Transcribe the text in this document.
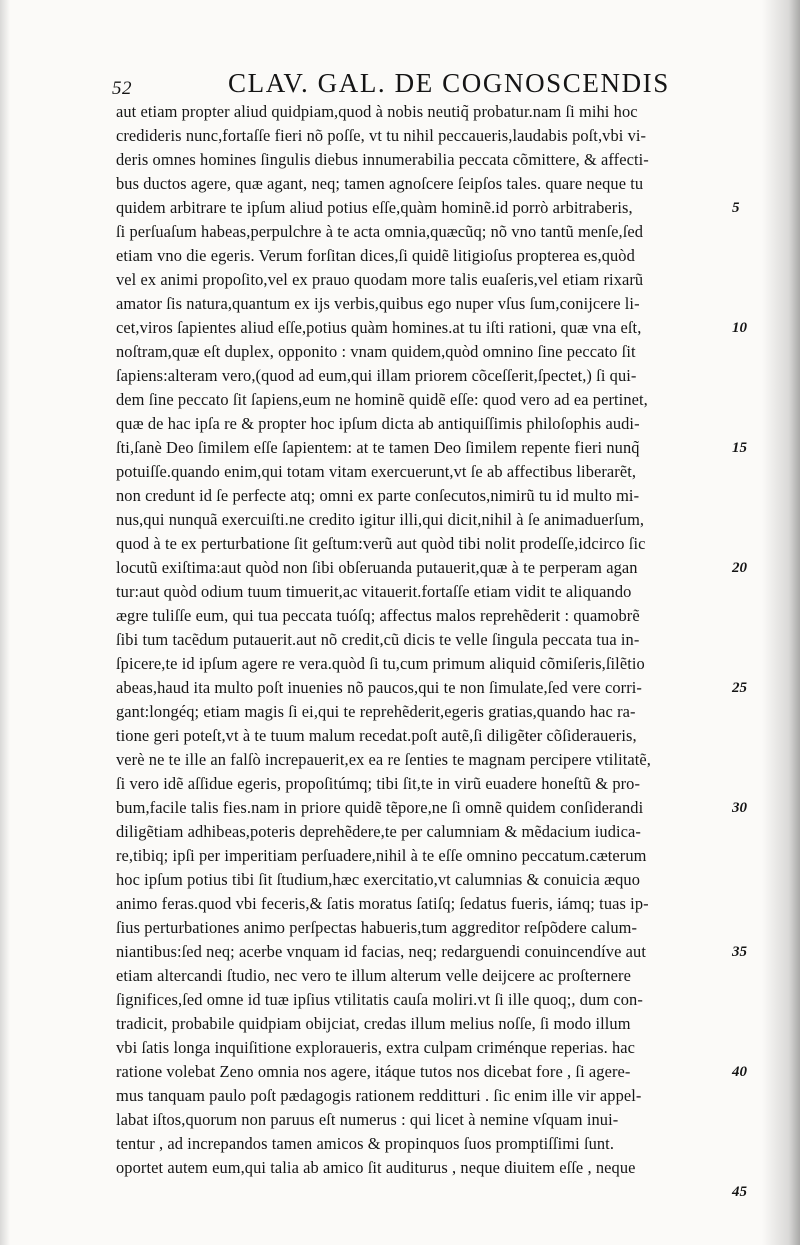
52	CLAV. GAL. DE COGNOSCENDIS
aut etiam propter aliud quidpiam,quod à nobis neutiq̃ probatur.nam ſi mihi hoc
credideris nunc,fortaſſe fieri nõ poſſe, vt tu nihil peccaueris,laudabis poſt,vbi vi-
deris omnes homines ſingulis diebus innumerabilia peccata cõmittere, & affecti-
bus ductos agere, quæ agant, neq; tamen agnoſcere ſeipſos tales. quare neque tu
quidem arbitrare te ipſum aliud potius eſſe,quàm hominẽ.id porrò arbitraberis,
ſi perſuaſum habeas,perpulchre à te acta omnia,quæcũq; nõ vno tantũ menſe,ſed
etiam vno die egeris. Verum forſitan dices,ſi quidẽ litigioſus propterea es,quòd
vel ex animi propoſito,vel ex prauo quodam more talis euaſeris,vel etiam rixarũ
amator ſis natura,quantum ex ijs verbis,quibus ego nuper vſus ſum,conijcere li-
cet,viros ſapientes aliud eſſe,potius quàm homines.at tu iſti rationi, quæ vna eſt,
noſtram,quæ eſt duplex, opponito : vnam quidem,quòd omnino ſine peccato ſit
ſapiens:alteram vero,(quod ad eum,qui illam priorem cõceſſerit,ſpectet,) ſi qui-
dem ſine peccato ſit ſapiens,eum ne hominẽ quidẽ eſſe: quod vero ad ea pertinet,
quæ de hac ipſa re & propter hoc ipſum dicta ab antiquiſſimis philoſophis audi-
ſti,ſanè Deo ſimilem eſſe ſapientem: at te tamen Deo ſimilem repente fieri nunq̃
potuiſſe.quando enim,qui totam vitam exercuerunt,vt ſe ab affectibus liberarẽt,
non credunt id ſe perfecte atq; omni ex parte conſecutos,nimirũ tu id multo mi-
nus,qui nunquã exercuiſti.ne credito igitur illi,qui dicit,nihil à ſe animaduerſum,
quod à te ex perturbatione ſit geſtum:verũ aut quòd tibi nolit prodeſſe,idcirco ſic
locutũ exiſtima:aut quòd non ſibi obſeruanda putauerit,quæ à te perperam agan
tur:aut quòd odium tuum timuerit,ac vitauerit.fortaſſe etiam vidit te aliquando
ægre tuliſſe eum, qui tua peccata tuóſq; affectus malos reprehẽderit : quamobrẽ
ſibi tum tacẽdum putauerit.aut nõ credit,cũ dicis te velle ſingula peccata tua in-
ſpicere,te id ipſum agere re vera.quòd ſi tu,cum primum aliquid cõmiſeris,ſilẽtio
abeas,haud ita multo poſt inuenies nõ paucos,qui te non ſimulate,ſed vere corri-
gant:longéq; etiam magis ſi ei,qui te reprehẽderit,egeris gratias,quando hac ra-
tione geri poteſt,vt à te tuum malum recedat.poſt autẽ,ſi diligẽter cõſideraueris,
verè ne te ille an falſò increpauerit,ex ea re ſenties te magnam percipere vtilitatẽ,
ſi vero idẽ aſſidue egeris, propoſitúmq; tibi ſit,te in virũ euadere honeſtũ & pro-
bum,facile talis fies.nam in priore quidẽ tẽpore,ne ſi omnẽ quidem conſiderandi
diligẽtiam adhibeas,poteris deprehẽdere,te per calumniam & mẽdacium iudica-
re,tibiq; ipſi per imperitiam perſuadere,nihil à te eſſe omnino peccatum.cæterum
hoc ipſum potius tibi ſit ſtudium,hæc exercitatio,vt calumnias & conuicia æquo
animo feras.quod vbi feceris,& ſatis moratus ſatiſq; ſedatus fueris, iámq; tuas ip-
ſius perturbationes animo perſpectas habueris,tum aggreditor reſpõdere calum-
niantibus:ſed neq; acerbe vnquam id facias, neq; redarguendi conuincendíve aut
etiam altercandi ſtudio, nec vero te illum alterum velle deijcere ac proſternere
ſignifices,ſed omne id tuæ ipſius vtilitatis cauſa moliri.vt ſi ille quoq;, dum con-
tradicit, probabile quidpiam obijciat, credas illum melius noſſe, ſi modo illum
vbi ſatis longa inquiſitione exploraueris, extra culpam criménque reperias. hac
ratione volebat Zeno omnia nos agere, itáque tutos nos dicebat fore , ſi agere-
mus tanquam paulo poſt pædagogis rationem redditturi . ſic enim ille vir appel-
labat iſtos,quorum non paruus eſt numerus : qui licet à nemine vſquam inui-
tentur , ad increpandos tamen amicos & propinquos ſuos promptiſſimi ſunt.
oportet autem eum,qui talia ab amico ſit auditurus , neque diuitem eſſe , neque
5
10
15
20
25
30
35
40
45
